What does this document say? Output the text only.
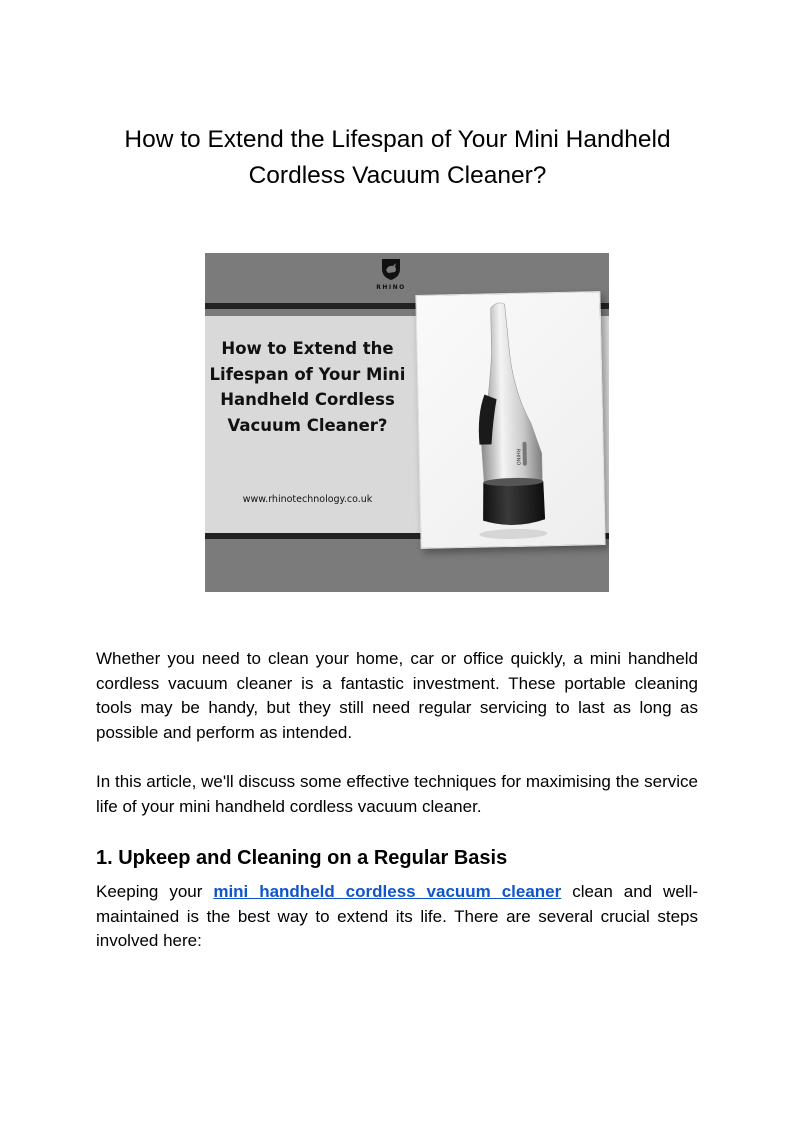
How to Extend the Lifespan of Your Mini Handheld
Cordless Vacuum Cleaner?
RHINO
How to Extend the
Lifespan of Your Mini
Handheld Cordless
Vacuum Cleaner?
www.rhinotechnology.co.uk
RHINO

Whether you need to clean your home, car or office quickly, a mini handheld cordless vacuum cleaner is a fantastic investment. These portable cleaning tools may be handy, but they still need regular servicing to last as long as possible and perform as intended.

In this article, we'll discuss some effective techniques for maximising the service life of your mini handheld cordless vacuum cleaner.

1. Upkeep and Cleaning on a Regular Basis

Keeping your mini handheld cordless vacuum cleaner clean and well-maintained is the best way to extend its life. There are several crucial steps involved here:
